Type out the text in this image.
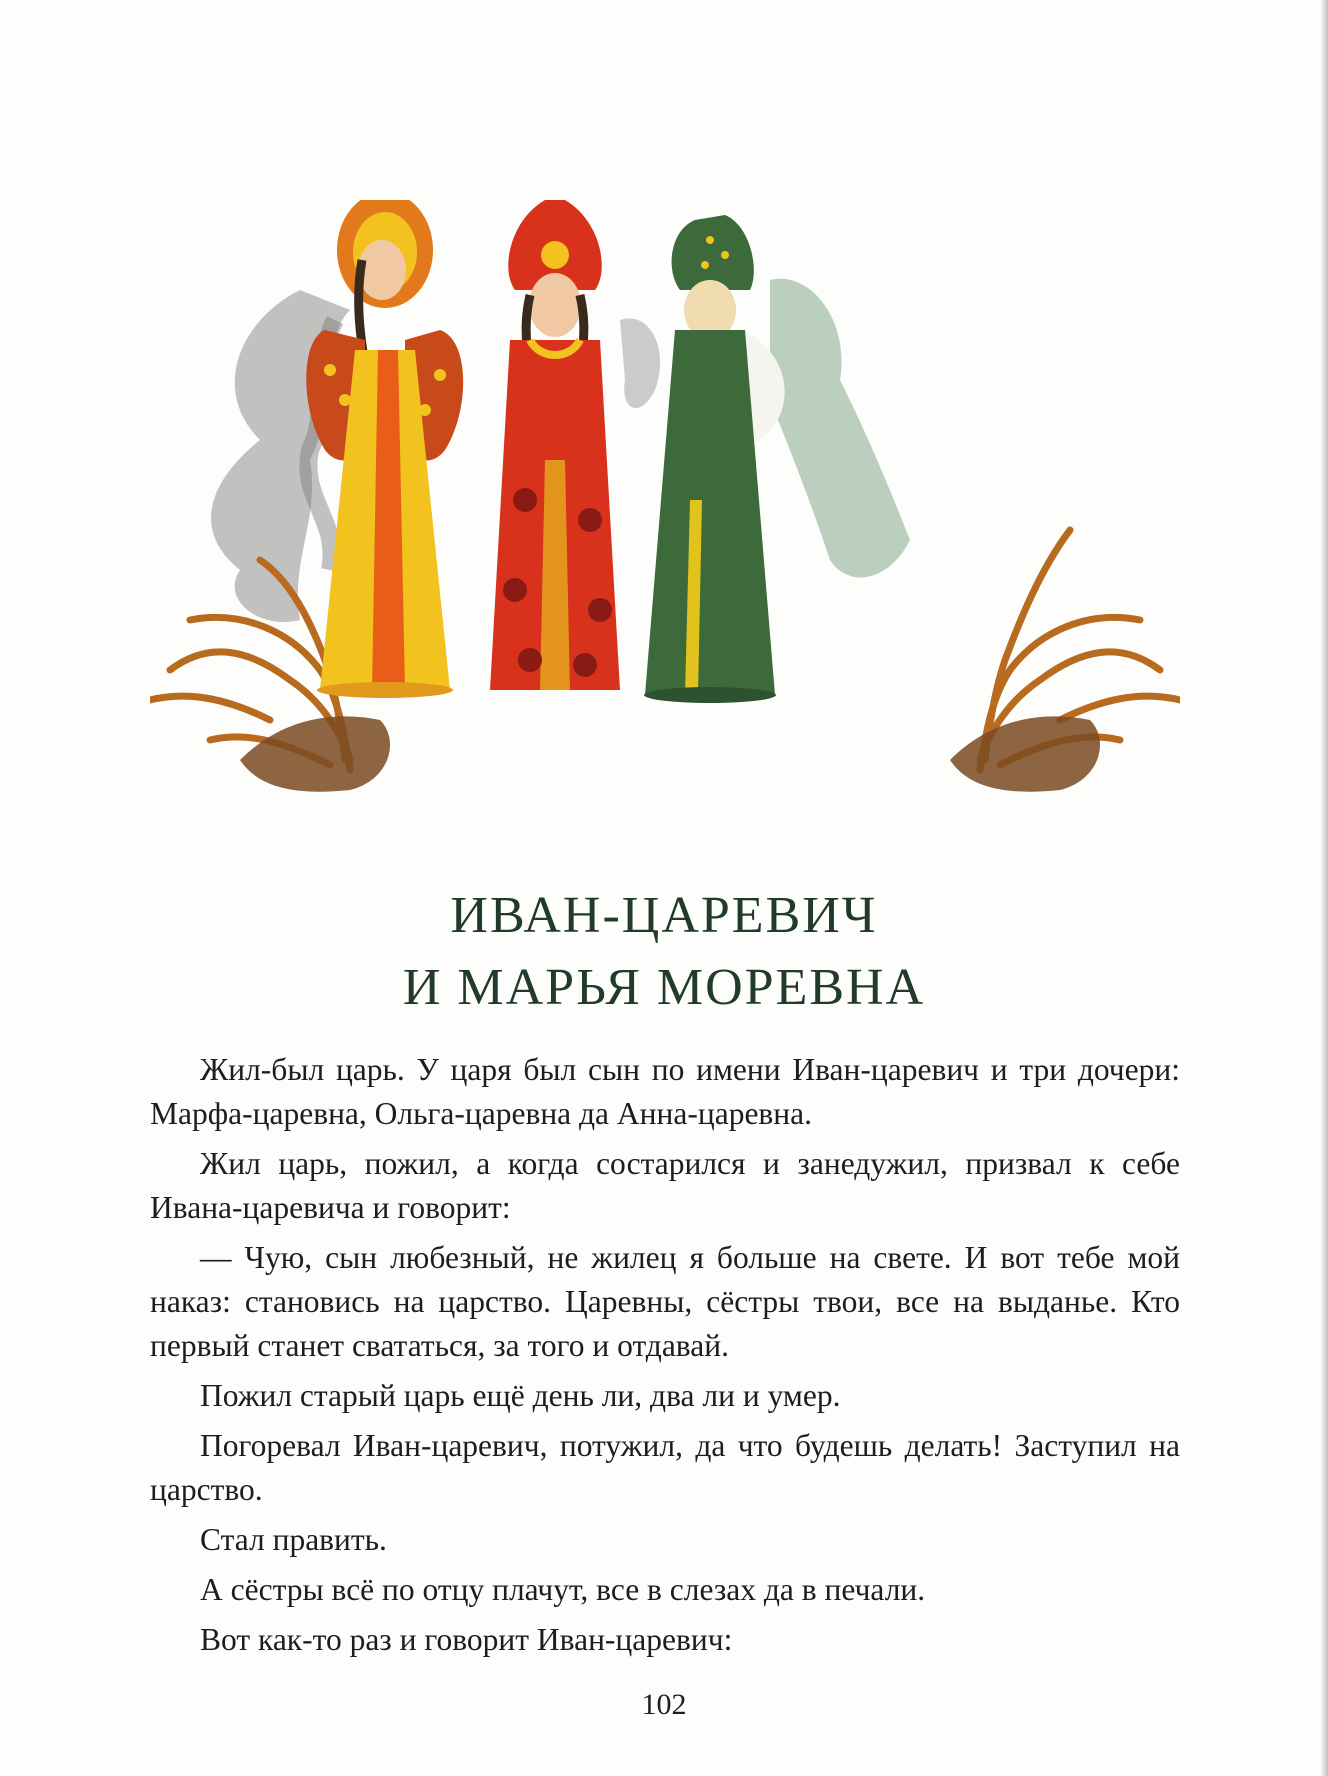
ИВАН-ЦАРЕВИЧ
И МАРЬЯ МОРЕВНА

Жил-был царь. У царя был сын по имени Иван-царевич и три дочери: Марфа-царевна, Ольга-царевна да Анна-царевна.

Жил царь, пожил, а когда состарился и занедужил, призвал к себе Ивана-царевича и говорит:

— Чую, сын любезный, не жилец я больше на свете. И вот тебе мой наказ: становись на царство. Царевны, сёстры твои, все на выданье. Кто первый станет свататься, за того и отдавай.

Пожил старый царь ещё день ли, два ли и умер.

Погоревал Иван-царевич, потужил, да что будешь делать! Заступил на царство.

Стал править.

А сёстры всё по отцу плачут, все в слезах да в печали.

Вот как-то раз и говорит Иван-царевич:

102
